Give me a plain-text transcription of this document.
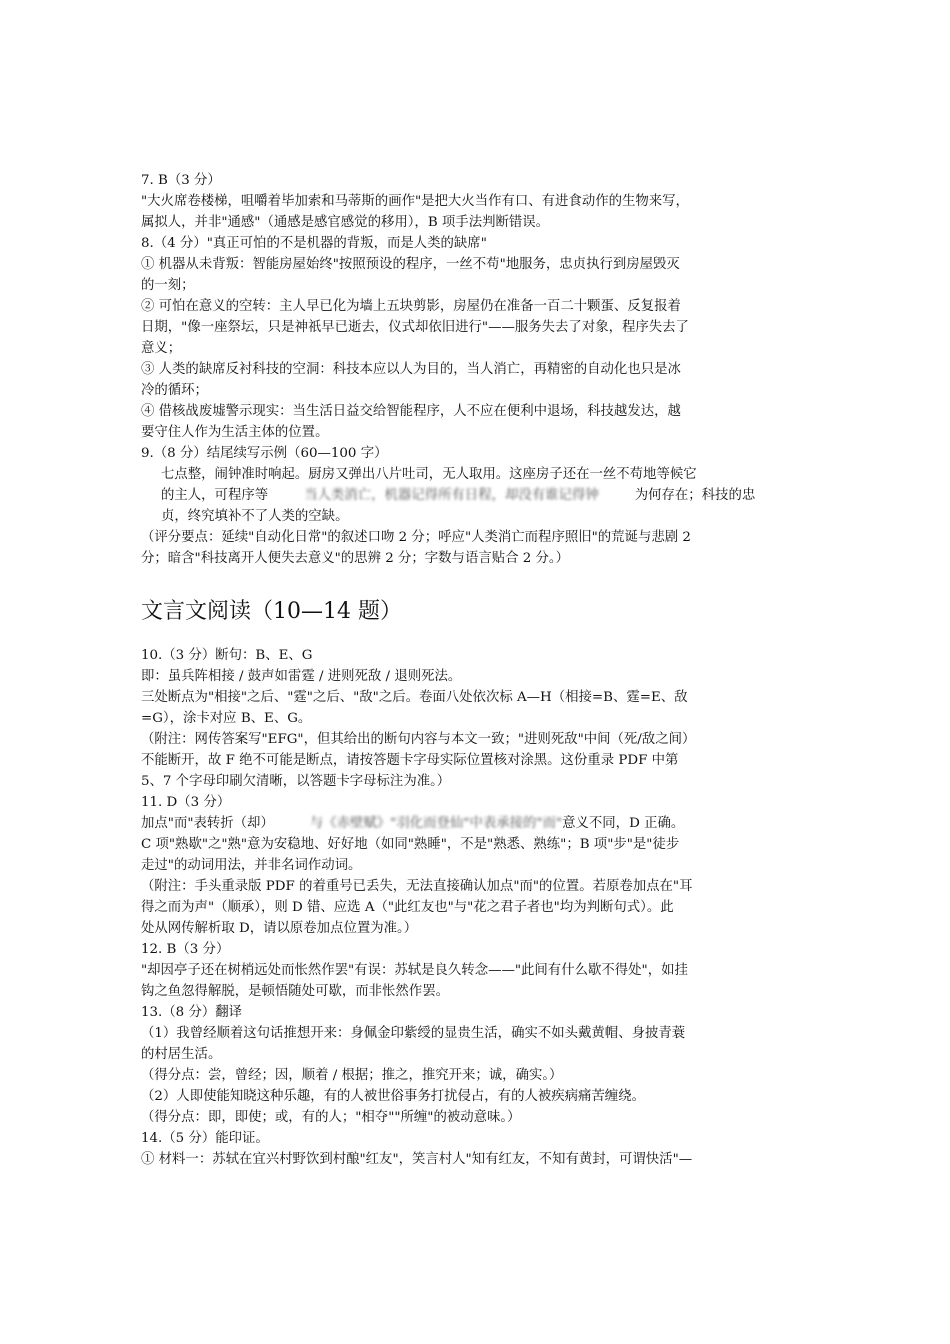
7. B（3 分）
"大火席卷楼梯，咀嚼着毕加索和马蒂斯的画作"是把大火当作有口、有进食动作的生物来写，
属拟人，并非"通感"（通感是感官感觉的移用），B 项手法判断错误。
8.（4 分）"真正可怕的不是机器的背叛，而是人类的缺席"
① 机器从未背叛：智能房屋始终"按照预设的程序，一丝不苟"地服务，忠贞执行到房屋毁灭
的一刻；
② 可怕在意义的空转：主人早已化为墙上五块剪影，房屋仍在准备一百二十颗蛋、反复报着
日期，"像一座祭坛，只是神祇早已逝去，仪式却依旧进行"——服务失去了对象，程序失去了
意义；
③ 人类的缺席反衬科技的空洞：科技本应以人为目的，当人消亡，再精密的自动化也只是冰
冷的循环；
④ 借核战废墟警示现实：当生活日益交给智能程序，人不应在便利中退场，科技越发达，越
要守住人作为生活主体的位置。
9.（8 分）结尾续写示例（60—100 字）
七点整，闹钟准时响起。厨房又弹出八片吐司，无人取用。这座房子还在一丝不苟地等候它
的主人，可程序等	当人类消亡，机器记得所有日程，却没有谁记得钟	为何存在；科技的忠
贞，终究填补不了人类的空缺。
（评分要点：延续"自动化日常"的叙述口吻 2 分；呼应"人类消亡而程序照旧"的荒诞与悲剧 2
分；暗含"科技离开人便失去意义"的思辨 2 分；字数与语言贴合 2 分。）
文言文阅读（10—14 题）
10.（3 分）断句：B、E、G
即：虽兵阵相接 / 鼓声如雷霆 / 进则死敌 / 退则死法。
三处断点为"相接"之后、"霆"之后、"敌"之后。卷面八处依次标 A—H（相接=B、霆=E、敌
=G），涂卡对应 B、E、G。
（附注：网传答案写"EFG"，但其给出的断句内容与本文一致；"进则死敌"中间（死/敌之间）
不能断开，故 F 绝不可能是断点，请按答题卡字母实际位置核对涂黑。这份重录 PDF 中第
5、7 个字母印刷欠清晰，以答题卡字母标注为准。）
11. D（3 分）
加点"而"表转折（却）	与《赤壁赋》"羽化而登仙"中表承接的"而"意义不同，D 正确。
C 项"熟歇"之"熟"意为安稳地、好好地（如同"熟睡"，不是"熟悉、熟练"；B 项"步"是"徒步
走过"的动词用法，并非名词作动词。
（附注：手头重录版 PDF 的着重号已丢失，无法直接确认加点"而"的位置。若原卷加点在"耳
得之而为声"（顺承），则 D 错、应选 A（"此红友也"与"花之君子者也"均为判断句式）。此
处从网传解析取 D，请以原卷加点位置为准。）
12. B（3 分）
"却因亭子还在树梢远处而怅然作罢"有误：苏轼是良久转念——"此间有什么歇不得处"，如挂
钩之鱼忽得解脱，是顿悟随处可歇，而非怅然作罢。
13.（8 分）翻译
（1）我曾经顺着这句话推想开来：身佩金印紫绶的显贵生活，确实不如头戴黄帽、身披青蓑
的村居生活。
（得分点：尝，曾经；因，顺着 / 根据；推之，推究开来；诚，确实。）
（2）人即使能知晓这种乐趣，有的人被世俗事务打扰侵占，有的人被疾病痛苦缠绕。
（得分点：即，即使；或，有的人；"相夺""所缠"的被动意味。）
14.（5 分）能印证。
① 材料一：苏轼在宜兴村野饮到村酿"红友"，笑言村人"知有红友，不知有黄封，可谓快活"—
